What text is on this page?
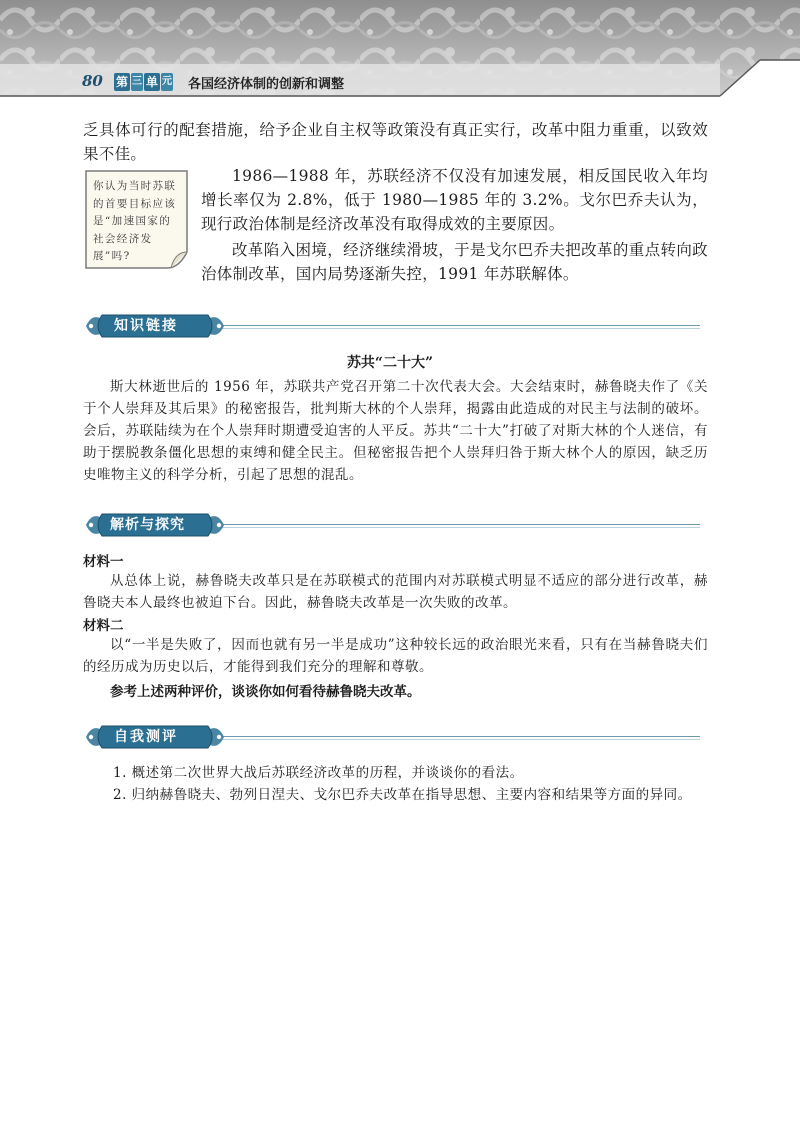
80 第 三 单 元 各国经济体制的创新和调整
乏具体可行的配套措施，给予企业自主权等政策没有真正实行，改革中阻力重重，以致效果不佳。
你认为当时苏联的首要目标应该是“加速国家的社会经济发展”吗?
1986—1988 年，苏联经济不仅没有加速发展，相反国民收入年均增长率仅为 2.8%，低于 1980—1985 年的 3.2%。戈尔巴乔夫认为，现行政治体制是经济改革没有取得成效的主要原因。
改革陷入困境，经济继续滑坡，于是戈尔巴乔夫把改革的重点转向政治体制改革，国内局势逐渐失控，1991 年苏联解体。
知识链接
苏共“二十大”
斯大林逝世后的 1956 年，苏联共产党召开第二十次代表大会。大会结束时，赫鲁晓夫作了《关于个人崇拜及其后果》的秘密报告，批判斯大林的个人崇拜，揭露由此造成的对民主与法制的破坏。会后，苏联陆续为在个人崇拜时期遭受迫害的人平反。苏共“二十大”打破了对斯大林的个人迷信，有助于摆脱教条僵化思想的束缚和健全民主。但秘密报告把个人崇拜归咎于斯大林个人的原因，缺乏历史唯物主义的科学分析，引起了思想的混乱。
解析与探究
材料一
从总体上说，赫鲁晓夫改革只是在苏联模式的范围内对苏联模式明显不适应的部分进行改革，赫鲁晓夫本人最终也被迫下台。因此，赫鲁晓夫改革是一次失败的改革。
材料二
以“一半是失败了，因而也就有另一半是成功”这种较长远的政治眼光来看，只有在当赫鲁晓夫们的经历成为历史以后，才能得到我们充分的理解和尊敬。
参考上述两种评价，谈谈你如何看待赫鲁晓夫改革。
自我测评
1. 概述第二次世界大战后苏联经济改革的历程，并谈谈你的看法。
2. 归纳赫鲁晓夫、勃列日涅夫、戈尔巴乔夫改革在指导思想、主要内容和结果等方面的异同。
